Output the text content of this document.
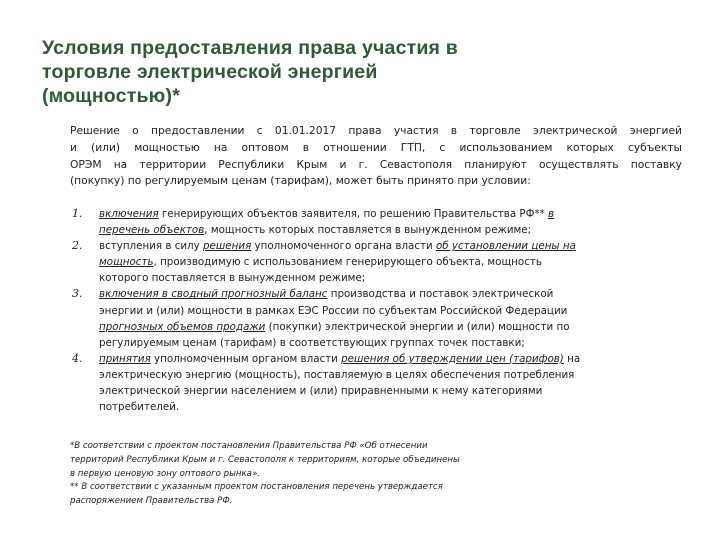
Условия предоставления права участия в
торговле электрической энергией
(мощностью)*
Решение о предоставлении с 01.01.2017 права участия в торговле электрической энергией
и (или) мощностью на оптовом в отношении ГТП, с использованием которых субъекты
ОРЭМ на территории Республики Крым и г. Севастополя планируют осуществлять поставку
(покупку) по регулируемым ценам (тарифам), может быть принято при условии:
1. включения генерирующих объектов заявителя, по решению Правительства РФ** в
перечень объектов, мощность которых поставляется в вынужденном режиме;
2. вступления в силу решения уполномоченного органа власти об установлении цены на
мощность, производимую с использованием генерирующего объекта, мощность
которого поставляется в вынужденном режиме;
3. включения в сводный прогнозный баланс производства и поставок электрической
энергии и (или) мощности в рамках ЕЭС России по субъектам Российской Федерации
прогнозных объемов продажи (покупки) электрической энергии и (или) мощности по
регулируемым ценам (тарифам) в соответствующих группах точек поставки;
4. принятия уполномоченным органом власти решения об утверждении цен (тарифов) на
электрическую энергию (мощность), поставляемую в целях обеспечения потребления
электрической энергии населением и (или) приравненными к нему категориями
потребителей.
*В соответствии с проектом постановления Правительства РФ «Об отнесении
территорий Республики Крым и г. Севастополя к территориям, которые объединены
в первую ценовую зону оптового рынка».
** В соответствии с указанным проектом постановления перечень утверждается
распоряжением Правительства РФ.
